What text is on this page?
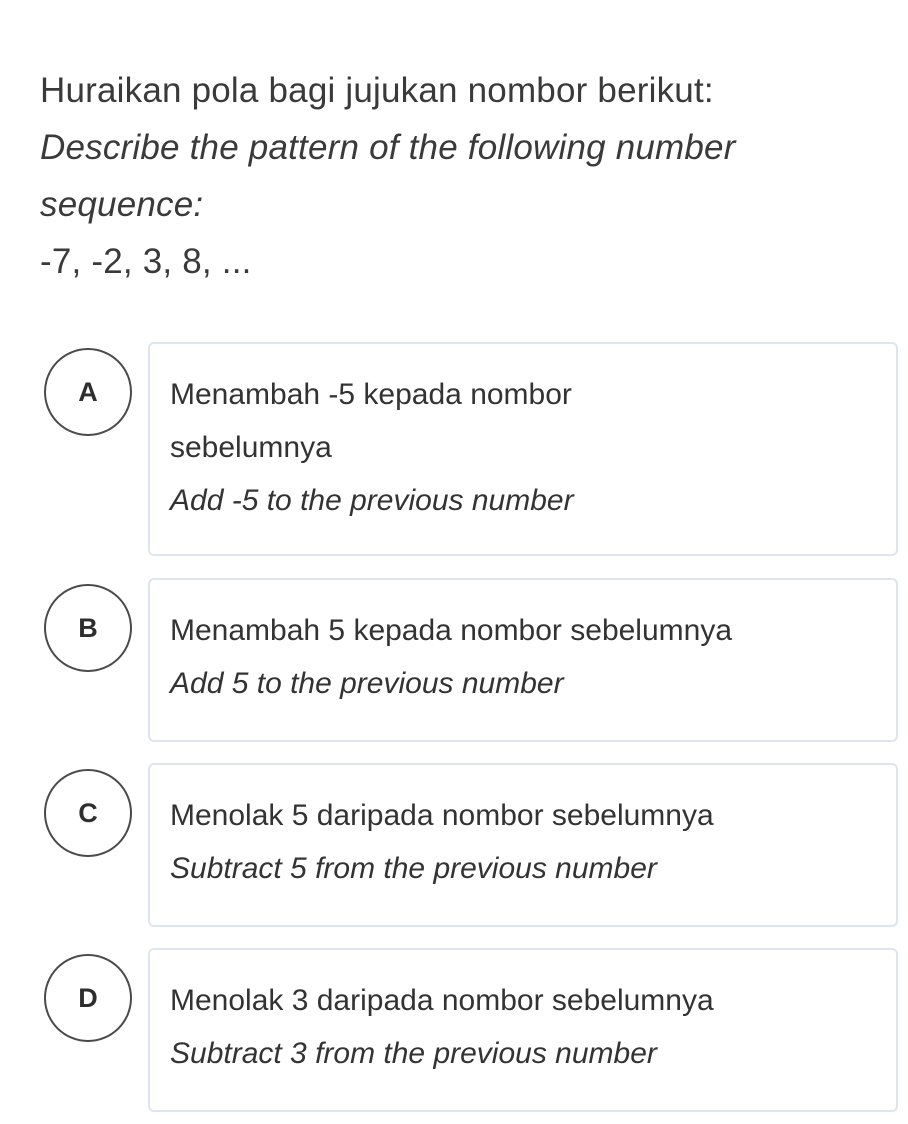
Huraikan pola bagi jujukan nombor berikut:
Describe the pattern of the following number
sequence:
-7, -2, 3, 8, ...
A	Menambah -5 kepada nombor sebelumnya
Add -5 to the previous number
B	Menambah 5 kepada nombor sebelumnya
Add 5 to the previous number
C	Menolak 5 daripada nombor sebelumnya
Subtract 5 from the previous number
D	Menolak 3 daripada nombor sebelumnya
Subtract 3 from the previous number
